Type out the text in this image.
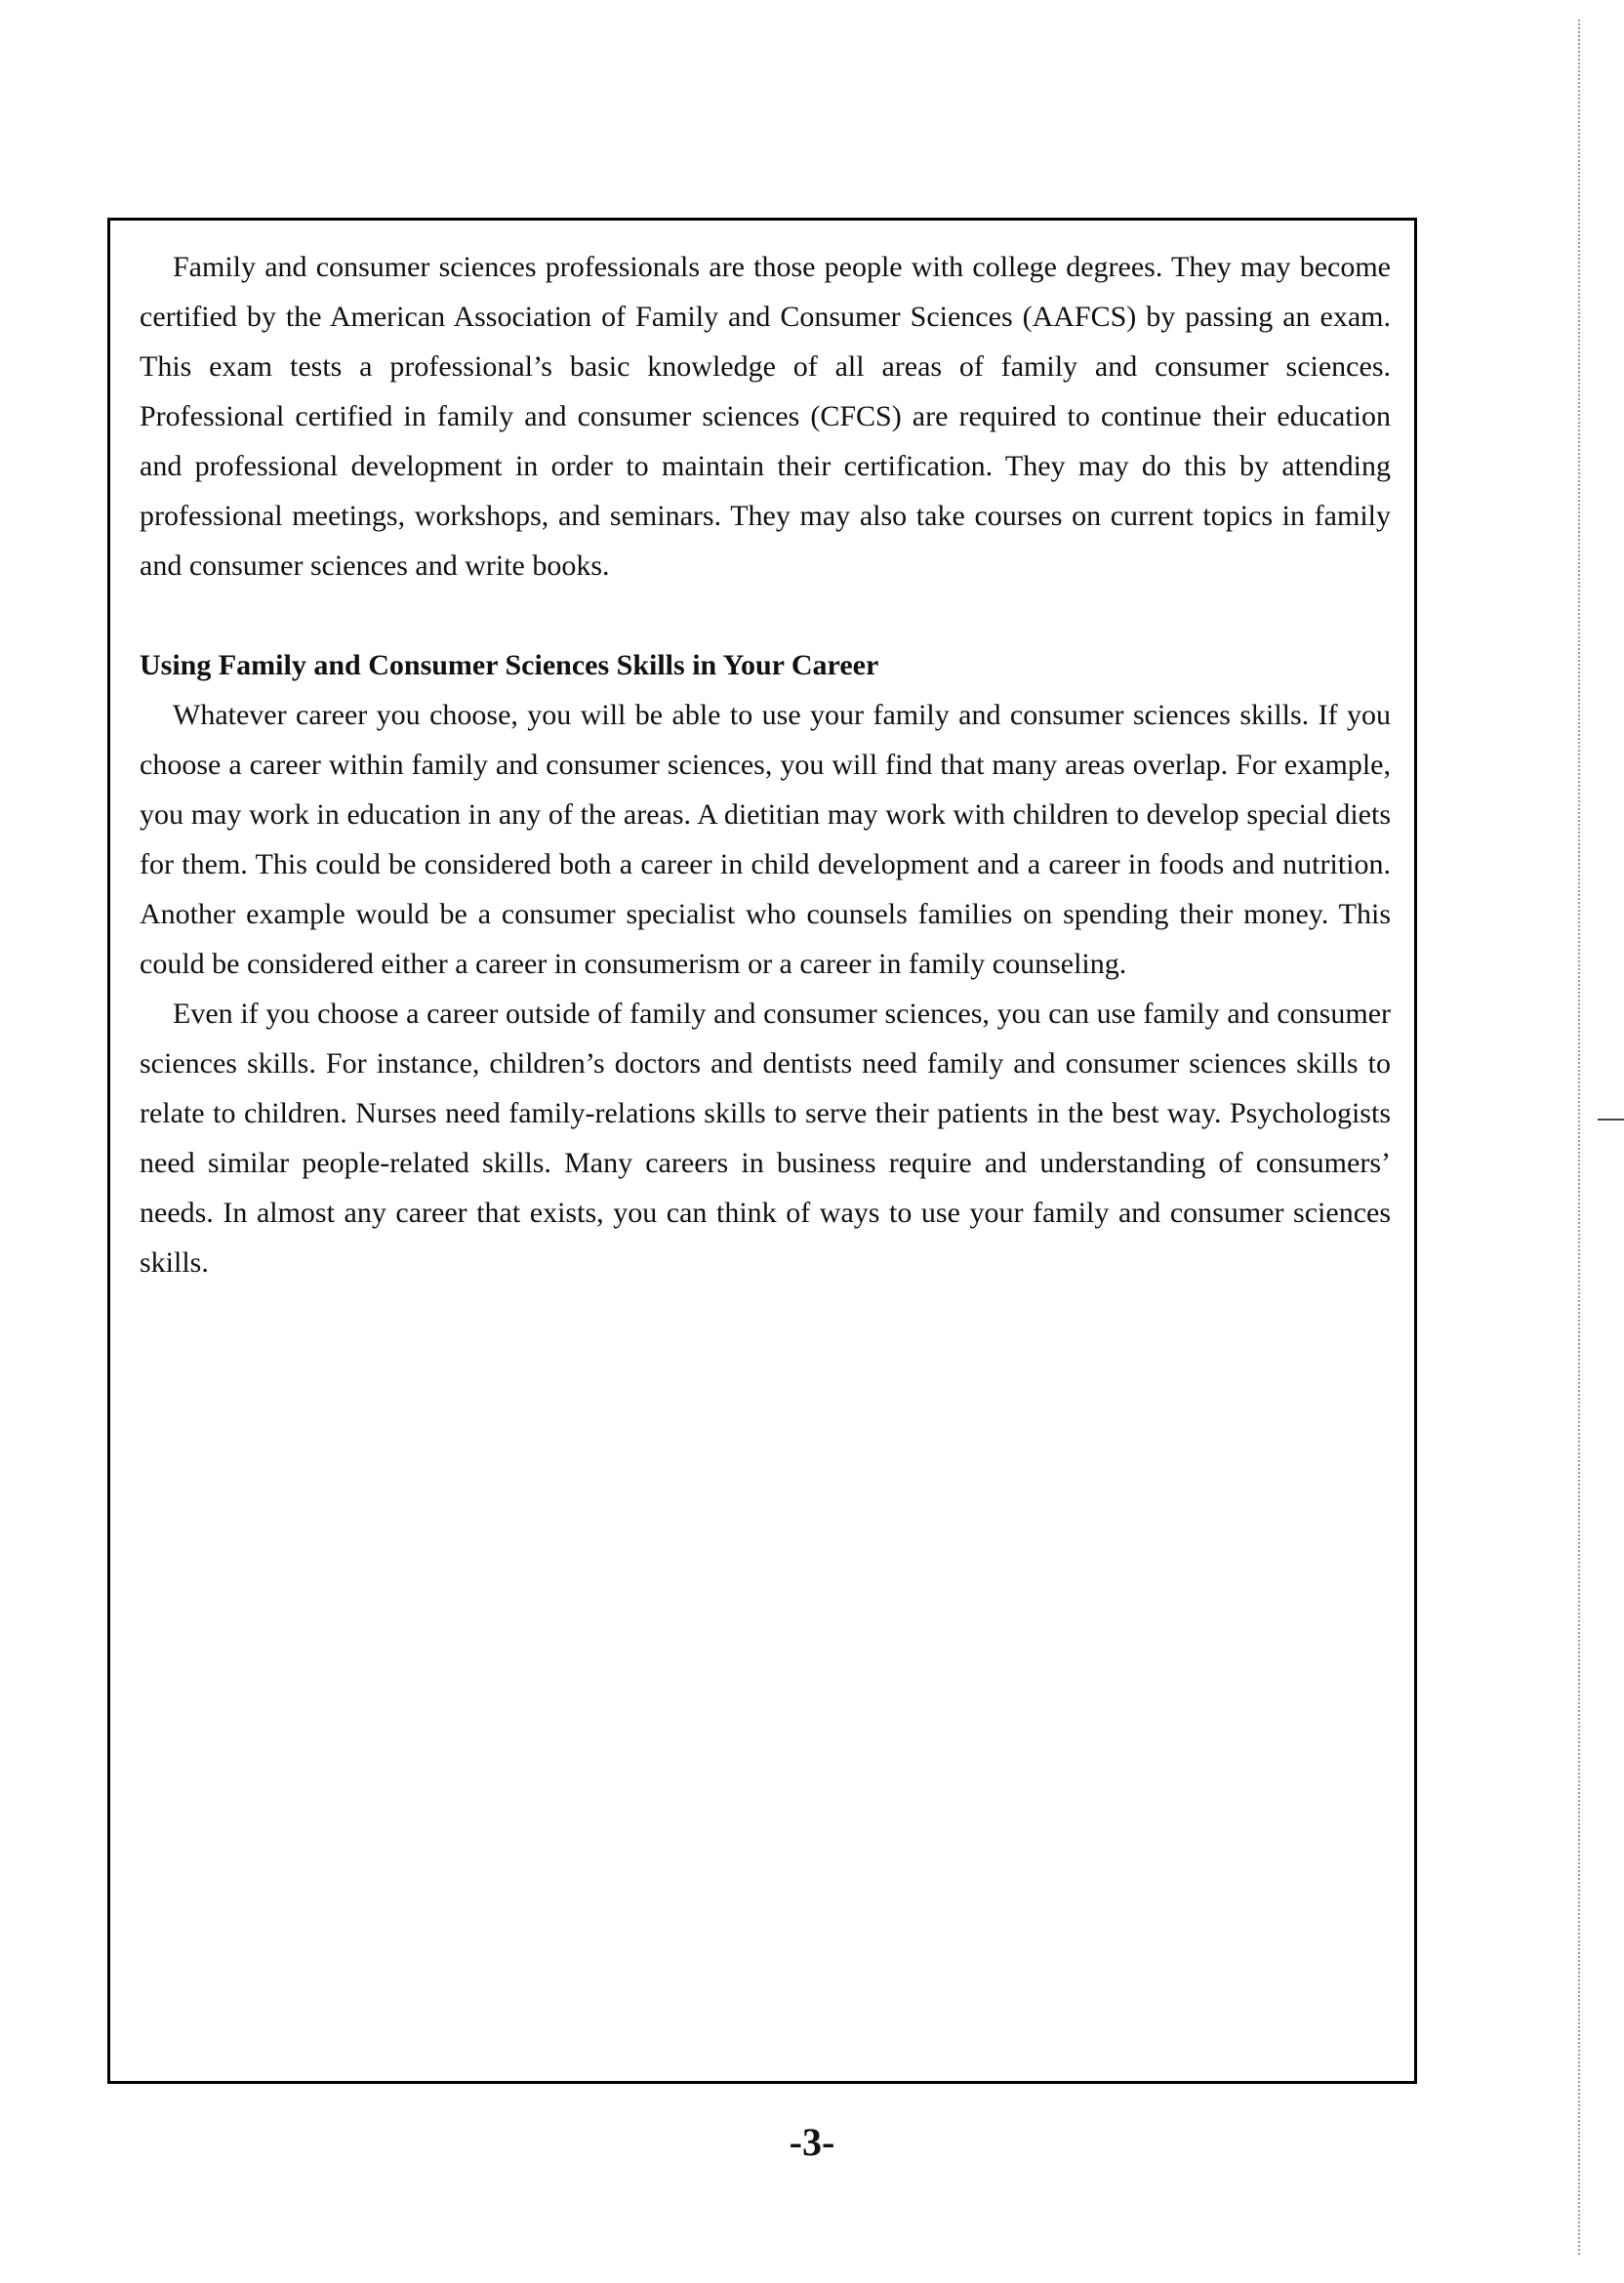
Family and consumer sciences professionals are those people with college degrees. They may become certified by the American Association of Family and Consumer Sciences (AAFCS) by passing an exam. This exam tests a professional’s basic knowledge of all areas of family and consumer sciences. Professional certified in family and consumer sciences (CFCS) are required to continue their education and professional development in order to maintain their certification. They may do this by attending professional meetings, workshops, and seminars. They may also take courses on current topics in family and consumer sciences and write books.

Using Family and Consumer Sciences Skills in Your Career

Whatever career you choose, you will be able to use your family and consumer sciences skills. If you choose a career within family and consumer sciences, you will find that many areas overlap. For example, you may work in education in any of the areas. A dietitian may work with children to develop special diets for them. This could be considered both a career in child development and a career in foods and nutrition. Another example would be a consumer specialist who counsels families on spending their money. This could be considered either a career in consumerism or a career in family counseling.

Even if you choose a career outside of family and consumer sciences, you can use family and consumer sciences skills. For instance, children’s doctors and dentists need family and consumer sciences skills to relate to children. Nurses need family-relations skills to serve their patients in the best way. Psychologists need similar people-related skills. Many careers in business require and understanding of consumers’ needs. In almost any career that exists, you can think of ways to use your family and consumer sciences skills.

-3-
